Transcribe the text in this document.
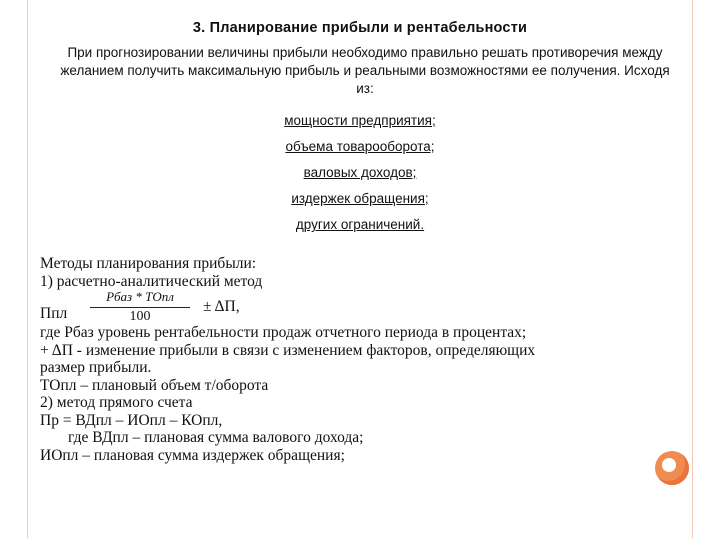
3. Планирование прибыли и рентабельности
При прогнозировании величины прибыли необходимо правильно решать противоречия между желанием получить максимальную прибыль и реальными возможностями ее получения. Исходя из:
мощности предприятия;
объема товарооборота;
валовых доходов;
издержек обращения;
других ограничений.
Методы планирования прибыли:
1) расчетно-аналитический метод
Ппл
Рбаз * ТОпл
100
± ΔП,
где Рбаз уровень рентабельности продаж отчетного периода в процентах;
+ ΔП - изменение прибыли в связи с изменением факторов, определяющих
размер прибыли.
ТОпл – плановый объем т/оборота
2) метод прямого счета
Пр = ВДпл – ИОпл – КОпл,
где ВДпл – плановая сумма валового дохода;
ИОпл – плановая сумма издержек обращения;
